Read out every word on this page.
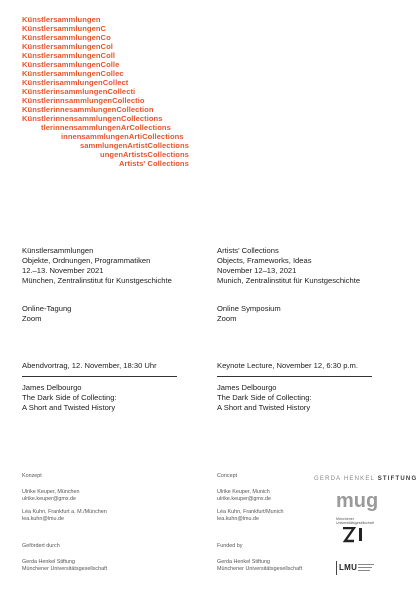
Künstlersammlungen
KünstlersammlungenC
KünstlersammlungenCo
KünstlersammlungenCol
KünstlersammlungenColl
KünstlersammlungenColle
KünstlersammlungenCollec
KünstlerisammlungenCollect
KünstlerinsammlungenCollecti
KünstlerinnsammlungenCollectio
KünstlerinnesammlungenCollection
KünstlerinnensammlungenCollections
tlerinnensammlungenArCollections
innensammlungenArtiCollections
sammlungenArtistCollections
ungenArtistsCollections
Artists' Collections
Künstlersammlungen
Objekte, Ordnungen, Programmatiken
12.–13. November 2021
München, Zentralinstitut für Kunstgeschichte
Online-Tagung
Zoom
Abendvortrag, 12. November, 18:30 Uhr
James Delbourgo
The Dark Side of Collecting:
A Short and Twisted History
Konzept
Ulrike Keuper, München
ulrike.keuper@gmx.de
Léa Kuhn, Frankfurt a. M./München
lea.kuhn@lmu.de
Gefördert durch
Gerda Henkel Stiftung
Münchener Universitätsgesellschaft
Artists' Collections
Objects, Frameworks, Ideas
November 12–13, 2021
Munich, Zentralinstitut für Kunstgeschichte
Online Symposium
Zoom
Keynote Lecture, November 12, 6:30 p.m.
James Delbourgo
The Dark Side of Collecting:
A Short and Twisted History
Concept
Ulrike Keuper, Munich
ulrike.keuper@gmx.de
Léa Kuhn, Frankfurt/Munich
lea.kuhn@lmu.de
Funded by
Gerda Henkel Stiftung
Münchener Universitätsgesellschaft
GERDA HENKEL STIFTUNG
mug
Münchener
Universitätsgesellschaft
LMU
